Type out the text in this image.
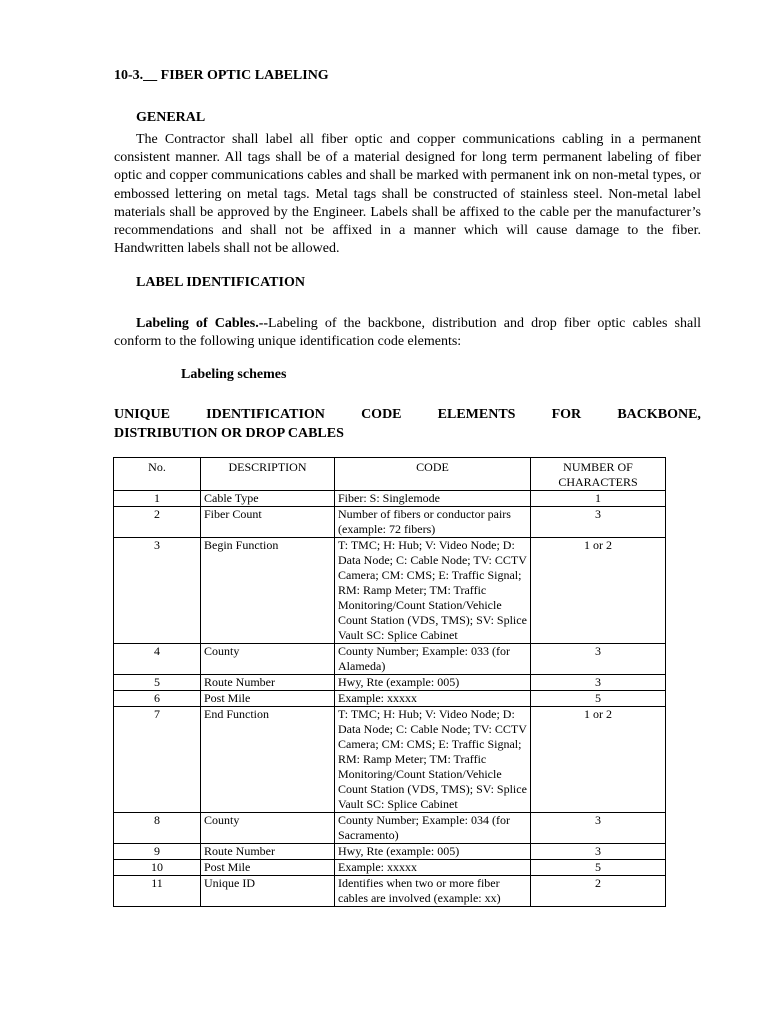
10-3.__ FIBER OPTIC LABELING
GENERAL

The Contractor shall label all fiber optic and copper communications cabling in a permanent consistent manner. All tags shall be of a material designed for long term permanent labeling of fiber optic and copper communications cables and shall be marked with permanent ink on non-metal types, or embossed lettering on metal tags. Metal tags shall be constructed of stainless steel. Non-metal label materials shall be approved by the Engineer. Labels shall be affixed to the cable per the manufacturer’s recommendations and shall not be affixed in a manner which will cause damage to the fiber. Handwritten labels shall not be allowed.

LABEL IDENTIFICATION

Labeling of Cables.--Labeling of the backbone, distribution and drop fiber optic cables shall conform to the following unique identification code elements:

Labeling schemes
UNIQUE	IDENTIFICATION	CODE	ELEMENTS	FOR	BACKBONE,
DISTRIBUTION OR DROP CABLES
No.	DESCRIPTION	CODE	NUMBER OF CHARACTERS
1	Cable Type	Fiber: S: Singlemode	1
2	Fiber Count	Number of fibers or conductor pairs (example: 72 fibers)	3
3	Begin Function	T: TMC; H: Hub; V: Video Node; D: Data Node; C: Cable Node; TV: CCTV Camera; CM: CMS; E: Traffic Signal; RM: Ramp Meter; TM: Traffic Monitoring/Count Station/Vehicle Count Station (VDS, TMS); SV: Splice Vault SC: Splice Cabinet	1 or 2
4	County	County Number; Example: 033 (for Alameda)	3
5	Route Number	Hwy, Rte (example: 005)	3
6	Post Mile	Example: xxxxx	5
7	End Function	T: TMC; H: Hub; V: Video Node; D: Data Node; C: Cable Node; TV: CCTV Camera; CM: CMS; E: Traffic Signal; RM: Ramp Meter; TM: Traffic Monitoring/Count Station/Vehicle Count Station (VDS, TMS); SV: Splice Vault SC: Splice Cabinet	1 or 2
8	County	County Number; Example: 034 (for Sacramento)	3
9	Route Number	Hwy, Rte (example: 005)	3
10	Post Mile	Example: xxxxx	5
11	Unique ID	Identifies when two or more fiber cables are involved (example: xx)	2
